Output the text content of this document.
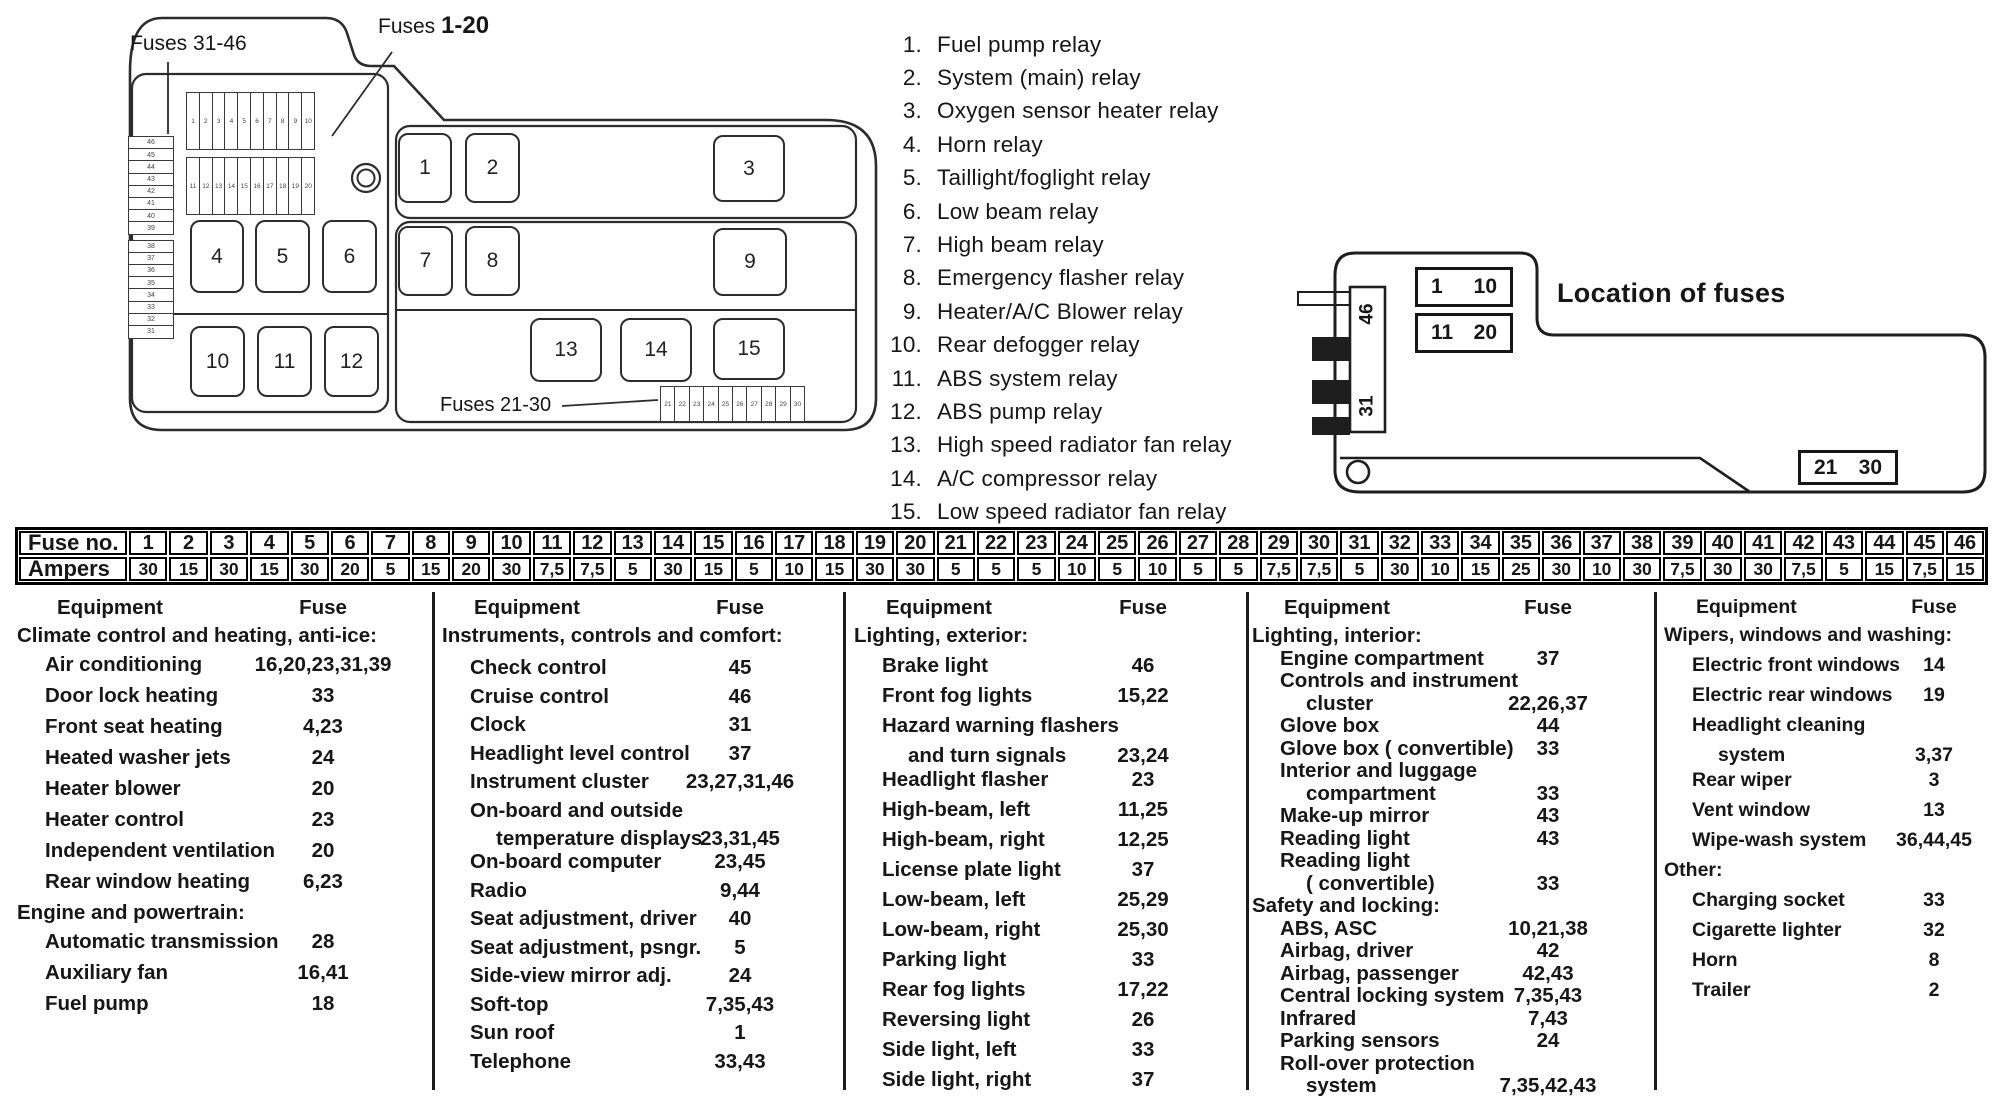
Fuses 31-46
Fuses 1-20
Fuses 21-30
46
45
44
43
42
41
40
39
38
37
36
35
34
33
32
31
1	2	3	4	5	6	7	8	9	10
11 12 13 14 15 16 17 18 19 20
21	22	23	24	25	26	27	28	29	30
1	2	3
4	5	6	7	8	9
10	11	12	13	14	15
1. Fuel pump relay
2. System (main) relay
3. Oxygen sensor heater relay
4. Horn relay
5. Taillight/foglight relay
6. Low beam relay
7. High beam relay
8. Emergency flasher relay
9. Heater/A/C Blower relay
10. Rear defogger relay
11. ABS system relay
12. ABS pump relay
13. High speed radiator fan relay
14. A/C compressor relay
15. Low speed radiator fan relay
Location of fuses
1 10
11 20
21 30
46
31
Fuse no.	1	2	3	4	5	6	7	8	9	10 11 12 13 14 15 16 17 18 19 20 21 22 23 24 25 26 27 28 29 30 31 32 33 34 35 36 37 38 39 40 41 42 43 44 45 46
Ampers	30	15	30	15	30	20	5	15	20	30	7,5 7,5	5	30	15	5	10	15	30	30	5	5	5	10	5	10	5	5	7,5 7,5	5	30	10	15	25	30	10	30	7,5	30	30	7,5	5	15	7,5	15
Equipment	Fuse
Climate control and heating, anti-ice:
Air conditioning	16,20,23,31,39
Door lock heating	33
Front seat heating	4,23
Heated washer jets	24
Heater blower	20
Heater control	23
Independent ventilation 20
Rear window heating	6,23
Engine and powertrain:
Automatic transmission 28
Auxiliary fan	16,41
Fuel pump	18
Equipment	Fuse
Instruments, controls and comfort:
Check control	45
Cruise control	46
Clock	31
Headlight level control 37
Instrument cluster 23,27,31,46
On-board and outside
temperature displays
23,31,45
On-board computer	23,45
Radio	9,44
Seat adjustment, driver 40
Seat adjustment, psngr. 5
Side-view mirror adj.	24
Soft-top	7,35,43
Sun roof	1
Telephone	33,43
Equipment	Fuse
Lighting, exterior:
Brake light	46
Front fog lights	15,22
Hazard warning flashers
and turn signals 23,24
Headlight flasher	23
High-beam, left	11,25
High-beam, right	12,25
License plate light	37
Low-beam, left	25,29
Low-beam, right	25,30
Parking light	33
Rear fog lights	17,22
Reversing light	26
Side light, left	33
Side light, right	37
Equipment	Fuse
Lighting, interior:
Engine compartment	37
Controls and instrument
cluster	22,26,37
Glove box	44
Glove box ( convertible) 33
Interior and luggage
compartment	33
Make-up mirror	43
Reading light	43
Reading light
( convertible)	33
Safety and locking:
ABS, ASC	10,21,38
Airbag, driver	42
Airbag, passenger	42,43
Central locking system 7,35,43
Infrared	7,43
Parking sensors	24
Roll-over protection
system	7,35,42,43
Equipment	Fuse
Wipers, windows and washing:
Electric front windows 14
Electric rear windows 19
Headlight cleaning
system	3,37
Rear wiper	3
Vent window	13
Wipe-wash system 36,44,45
Other:
Charging socket	33
Cigarette lighter	32
Horn	8
Trailer	2
